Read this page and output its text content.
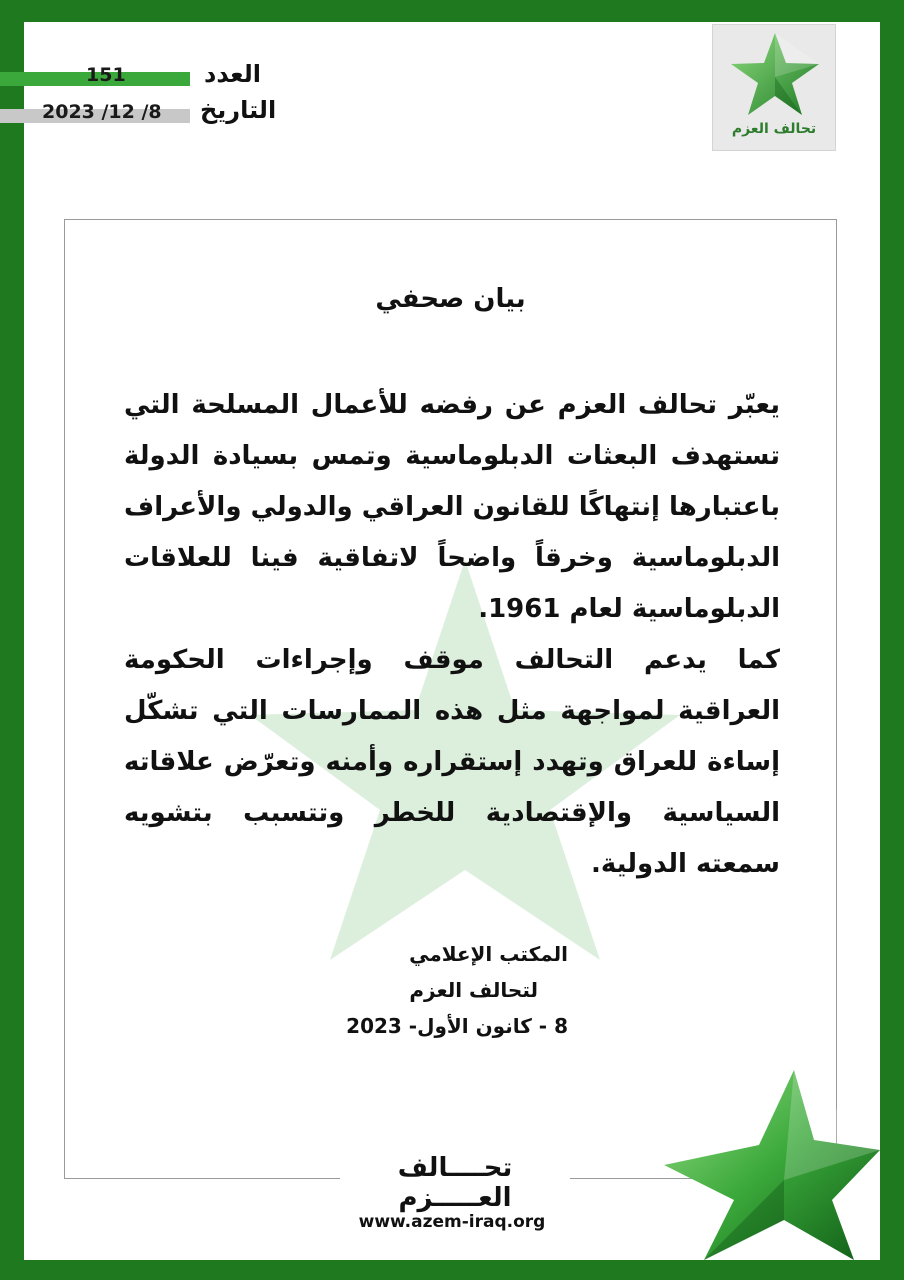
151
2023 /12 /8
العدد
التاريخ
تحالف العزم
بيان صحفي

يعبّر تحالف العزم عن رفضه للأعمال المسلحة التي تستهدف البعثات الدبلوماسية وتمس بسيادة الدولة باعتبارها إنتهاكًا للقانون العراقي والدولي والأعراف الدبلوماسية وخرقاً واضحاً لاتفاقية فينا للعلاقات الدبلوماسية لعام 1961.

كما يدعم التحالف موقف وإجراءات الحكومة العراقية لمواجهة مثل هذه الممارسات التي تشكّل إساءة للعراق وتهدد إستقراره وأمنه وتعرّض علاقاته السياسية والإقتصادية للخطر وتتسبب بتشويه سمعته الدولية.

المكتب الإعلامي
لتحالف العزم
8 - كانون الأول- 2023
تحــــالف العـــــزم
www.azem-iraq.org
